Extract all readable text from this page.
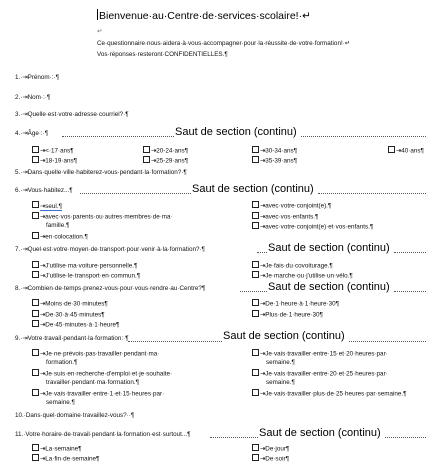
Bienvenue·au·Centre·de·services·scolaire!·↵
↵
Ce·questionnaire·nous·aidera·à·vous·accompagner·pour·la·réussite·de·votre·formation!·↵
Vos·réponses·resteront·CONFIDENTIELLES.¶
1.·⇥Prénom·:·¶
2.·⇥Nom·:·¶
3.·⇥Quelle·est·votre·adresse·courriel?·¶
4.·⇥Âge·:·¶	Saut de section (continu)
⇥<·17·ans¶	⇥20-24·ans¶	⇥30-34·ans¶	⇥40·ans¶
⇥18-19·ans¶	⇥25-29·ans¶	⇥35-39·ans¶
5.·⇥Dans·quelle·ville·habiterez-vous·pendant·la·formation?·¶
6.·⇥Vous·habitez...¶	Saut de section (continu)
⇥seul.¶
⇥avec·vos·parents·ou·autres·membres·de·ma·
famille.¶
⇥en·colocation.¶
⇥avec·votre·conjoint(e).¶
⇥avec·vos·enfants.¶
⇥avec·votre·conjoint(e)·et·vos·enfants.¶
7.·⇥Quel·est·votre·moyen·de·transport·pour·venir·à·la·formation?·¶	Saut de section (continu)
⇥J'utilise·ma·voiture·personnelle.¶
⇥J'utilise·le·transport·en·commun.¶
⇥Je·fais·du·covoiturage.¶
⇥Je·marche·ou·j'utilise·un·vélo.¶
8.·⇥Combien·de·temps·prenez-vous·pour·vous·rendre·au·Centre?¶	Saut de section (continu)
⇥Moins·de·30·minutes¶
⇥De·30·à·45·minutes¶
⇥De·45·minutes·à·1·heure¶
⇥De·1·heure·à·1·heure·30¶
⇥Plus·de·1·heure·30¶
9.·⇥Votre·travail·pendant·la·formation:·¶	Saut de section (continu)
⇥Je·ne·prévois·pas·travailler·pendant·ma·
formation.¶
⇥Je·suis·en·recherche·d'emploi·et·je·souhaite·
travailler·pendant·ma·formation.¶
⇥Je·vais·travailler·entre·1·et·15·heures·par·
semaine.¶
⇥Je·vais·travailler·entre·15·et·20·heures·par·
semaine.¶
⇥Je·vais·travailler·entre·20·et·25·heures·par·
semaine.¶
⇥Je·vais·travailler·plus·de·25·heures·par·semaine.¶
10.·Dans·quel·domaine·travaillez-vous?··¶
11.·Votre·horaire·de·travail·pendant·la·formation·est·surtout...¶	Saut de section (continu)
⇥La·semaine¶
⇥La·fin·de·semaine¶
⇥De·jour¶
⇥De·soir¶
